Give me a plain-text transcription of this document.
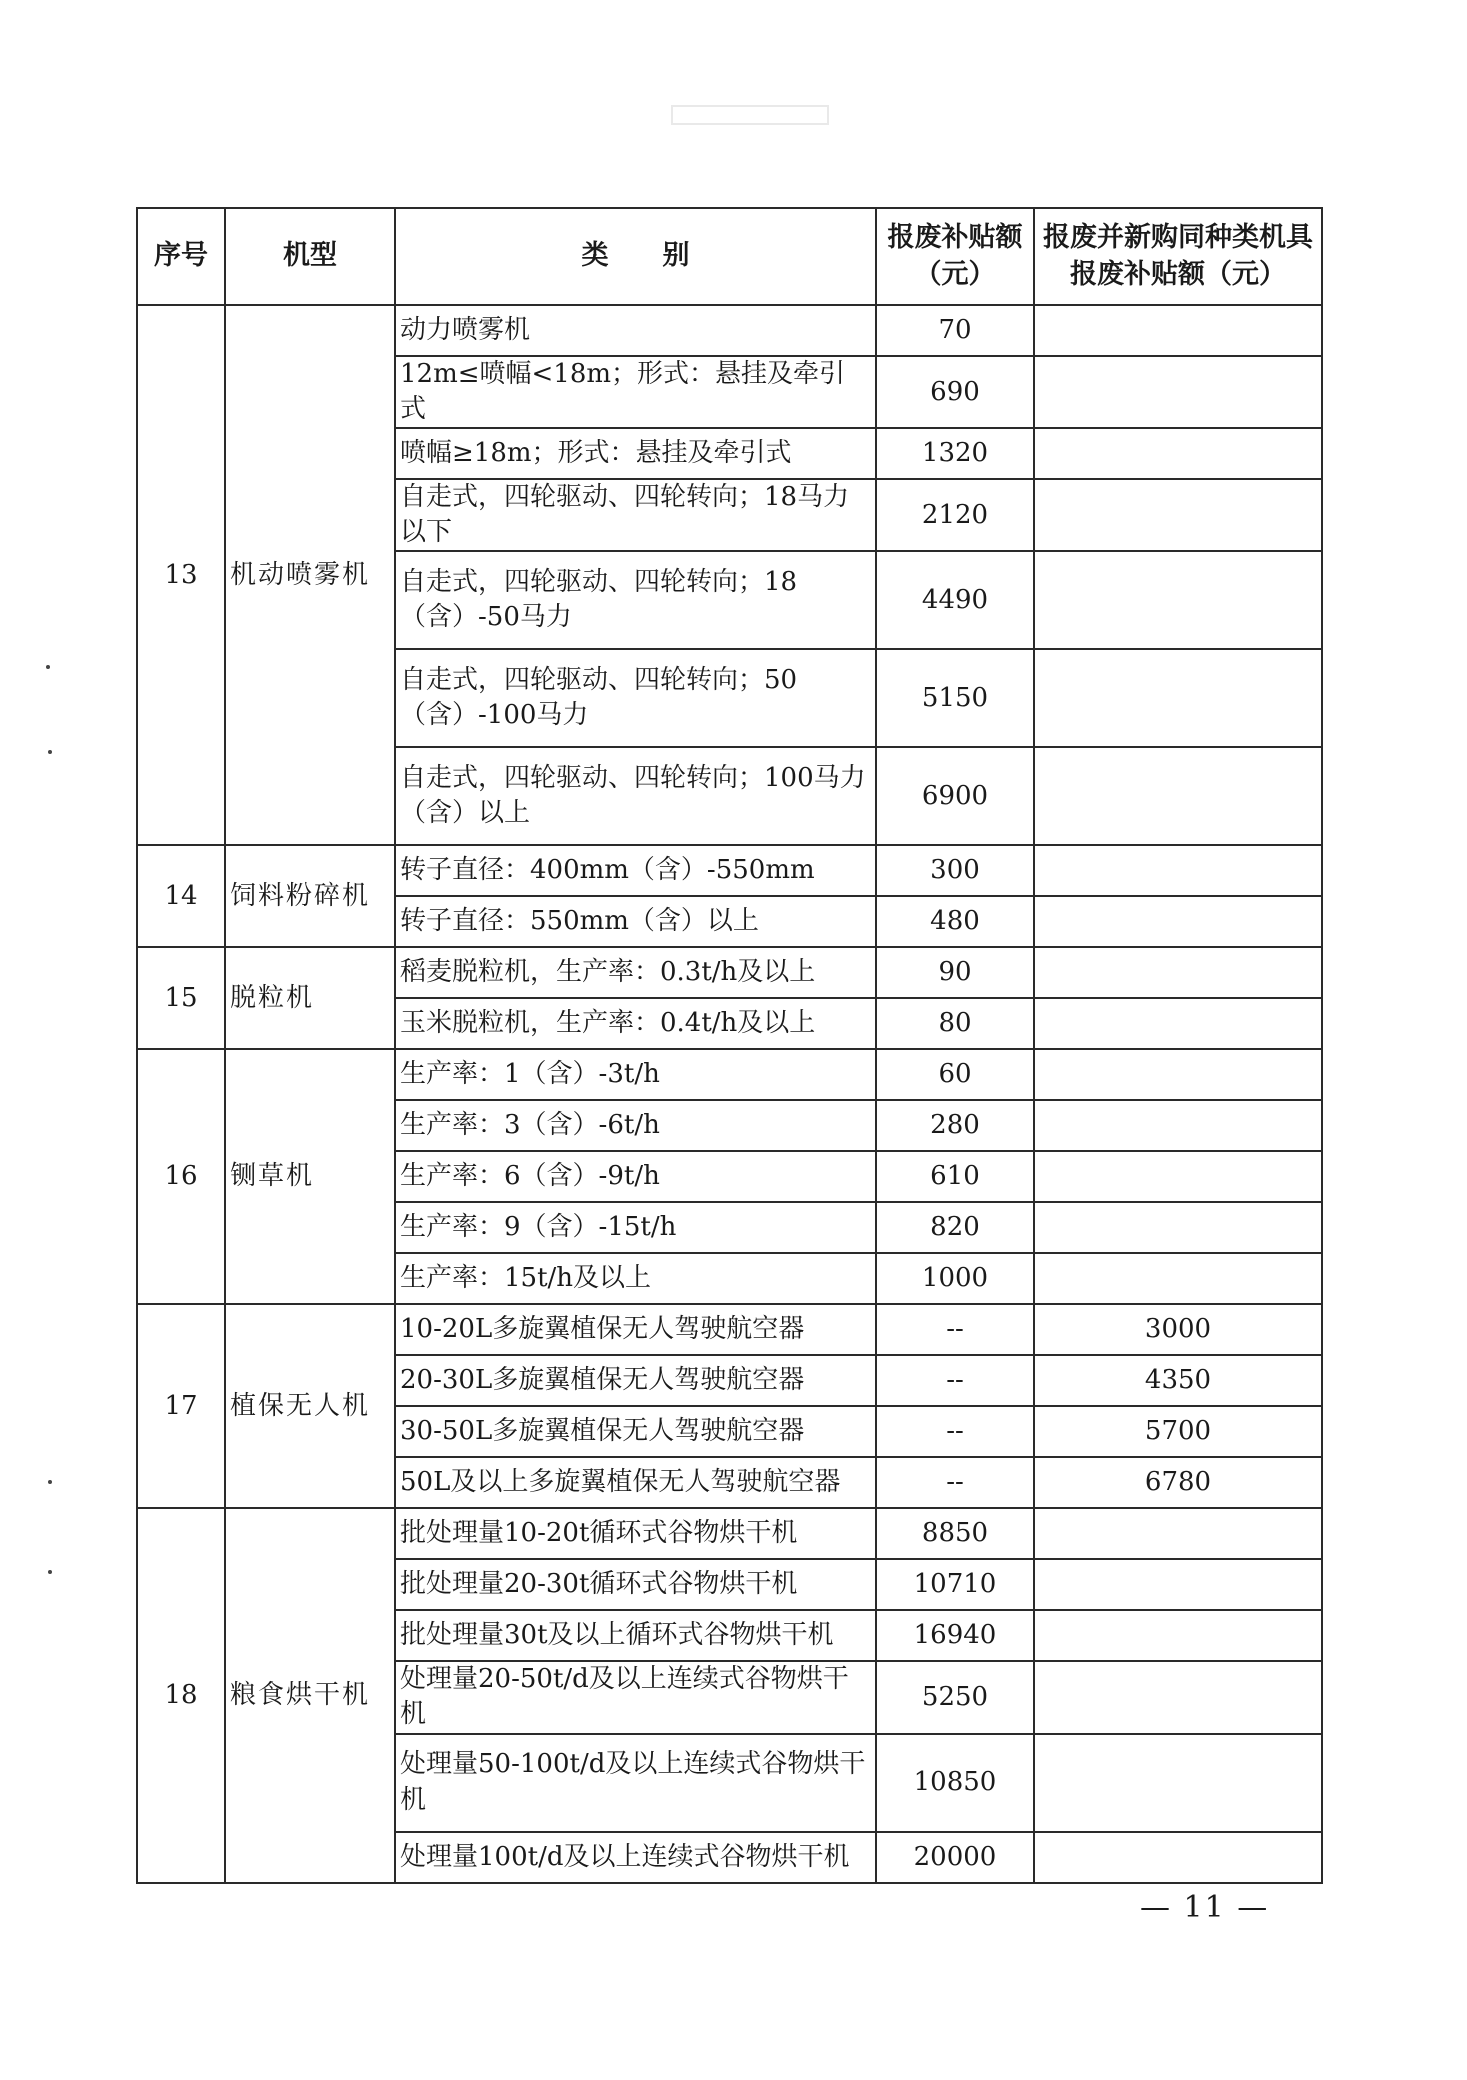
序号	机型	类　　别	报废补贴额（元）	报废并新购同种类机具报废补贴额（元）
13	机动喷雾机	动力喷雾机	70	
		12m≤喷幅<18m；形式：悬挂及牵引式	690	
		喷幅≥18m；形式：悬挂及牵引式	1320	
		自走式，四轮驱动、四轮转向；18马力以下	2120	
		自走式，四轮驱动、四轮转向；18（含）-50马力	4490	
		自走式，四轮驱动、四轮转向；50（含）-100马力	5150	
		自走式，四轮驱动、四轮转向；100马力（含）以上	6900	
14	饲料粉碎机	转子直径：400mm（含）-550mm	300	
		转子直径：550mm（含）以上	480	
15	脱粒机	稻麦脱粒机，生产率：0.3t/h及以上	90	
		玉米脱粒机，生产率：0.4t/h及以上	80	
16	铡草机	生产率：1（含）-3t/h	60	
		生产率：3（含）-6t/h	280	
		生产率：6（含）-9t/h	610	
		生产率：9（含）-15t/h	820	
		生产率：15t/h及以上	1000	
17	植保无人机	10-20L多旋翼植保无人驾驶航空器	--	3000
		20-30L多旋翼植保无人驾驶航空器	--	4350
		30-50L多旋翼植保无人驾驶航空器	--	5700
		50L及以上多旋翼植保无人驾驶航空器	--	6780
18	粮食烘干机	批处理量10-20t循环式谷物烘干机	8850	
		批处理量20-30t循环式谷物烘干机	10710	
		批处理量30t及以上循环式谷物烘干机	16940	
		处理量20-50t/d及以上连续式谷物烘干机	5250	
		处理量50-100t/d及以上连续式谷物烘干机	10850	
		处理量100t/d及以上连续式谷物烘干机	20000	
— 11 —
